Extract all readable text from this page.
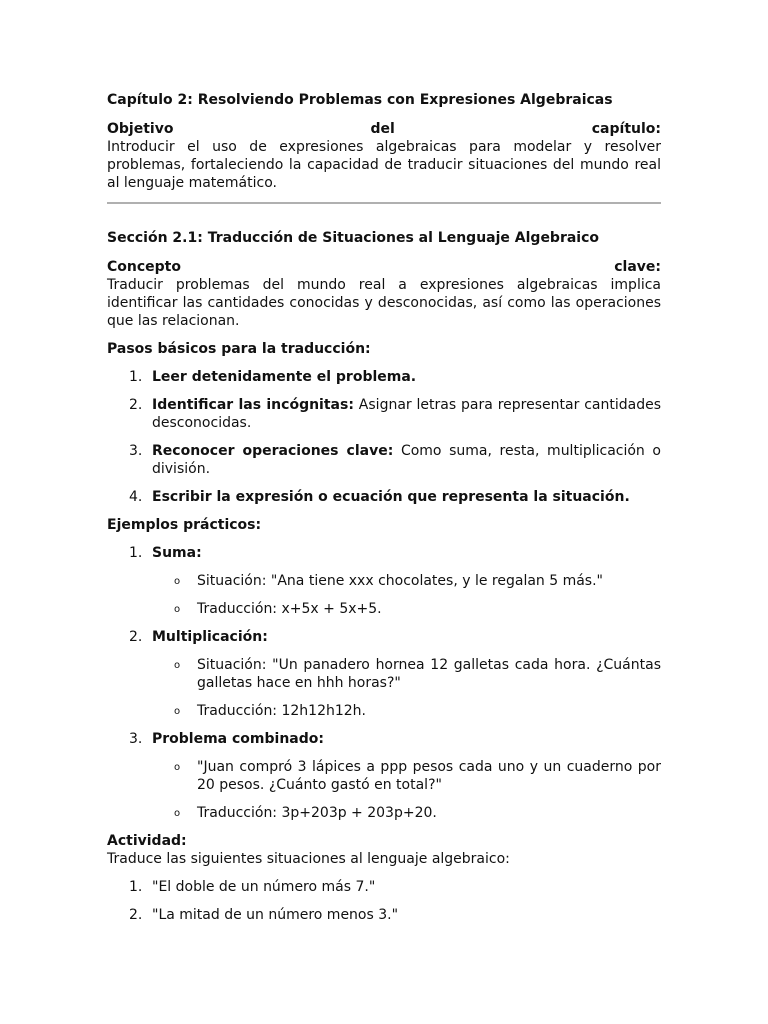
Capítulo 2: Resolviendo Problemas con Expresiones Algebraicas
Objetivo	del	capítulo:

Introducir el uso de expresiones algebraicas para modelar y resolver problemas, fortaleciendo la capacidad de traducir situaciones del mundo real al lenguaje matemático.

Sección 2.1: Traducción de Situaciones al Lenguaje Algebraico
Concepto	clave:

Traducir problemas del mundo real a expresiones algebraicas implica identificar las cantidades conocidas y desconocidas, así como las operaciones que las relacionan.

Pasos básicos para la traducción:
1. Leer detenidamente el problema.
2. Identificar las incógnitas: Asignar letras para representar cantidades desconocidas.
3. Reconocer operaciones clave: Como suma, resta, multiplicación o división.
4. Escribir la expresión o ecuación que representa la situación.
Ejemplos prácticos:
1. Suma:
o Situación: "Ana tiene xxx chocolates, y le regalan 5 más."
o Traducción: x+5x + 5x+5.
2. Multiplicación:
o Situación: "Un panadero hornea 12 galletas cada hora. ¿Cuántas galletas hace en hhh horas?"
o Traducción: 12h12h12h.
3. Problema combinado:
o "Juan compró 3 lápices a ppp pesos cada uno y un cuaderno por 20 pesos. ¿Cuánto gastó en total?"
o Traducción: 3p+203p + 203p+20.
Actividad:
Traduce las siguientes situaciones al lenguaje algebraico:
1. "El doble de un número más 7."
2. "La mitad de un número menos 3."
